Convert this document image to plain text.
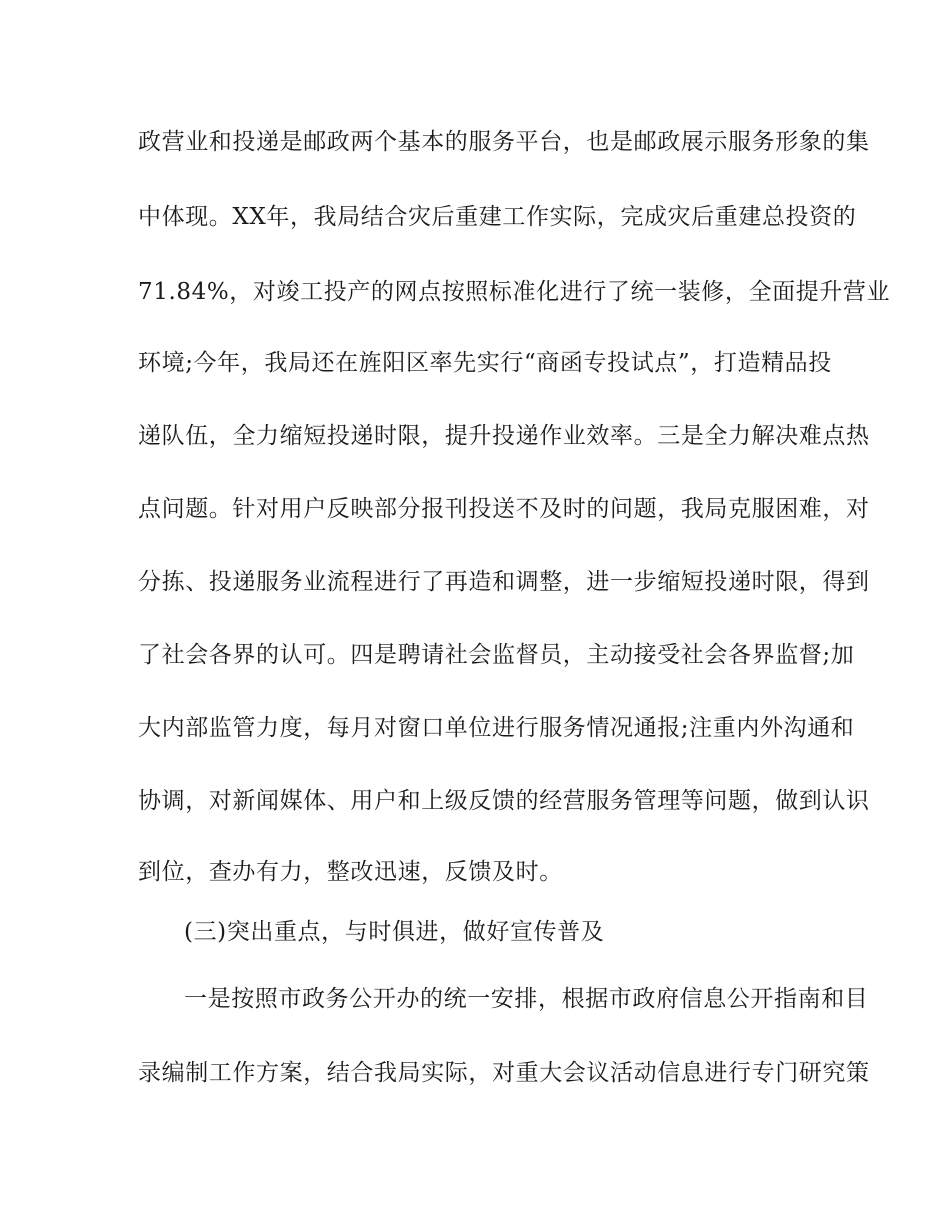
政营业和投递是邮政两个基本的服务平台，也是邮政展示服务形象的集
中体现。XX年，我局结合灾后重建工作实际，完成灾后重建总投资的
71.84%，对竣工投产的网点按照标准化进行了统一装修，全面提升营业
环境;今年，我局还在旌阳区率先实行“商函专投试点”，打造精品投
递队伍，全力缩短投递时限，提升投递作业效率。三是全力解决难点热
点问题。针对用户反映部分报刊投送不及时的问题，我局克服困难，对
分拣、投递服务业流程进行了再造和调整，进一步缩短投递时限，得到
了社会各界的认可。四是聘请社会监督员，主动接受社会各界监督;加
大内部监管力度，每月对窗口单位进行服务情况通报;注重内外沟通和
协调，对新闻媒体、用户和上级反馈的经营服务管理等问题，做到认识
到位，查办有力，整改迅速，反馈及时。
(三)突出重点，与时俱进，做好宣传普及
一是按照市政务公开办的统一安排，根据市政府信息公开指南和目
录编制工作方案，结合我局实际，对重大会议活动信息进行专门研究策
